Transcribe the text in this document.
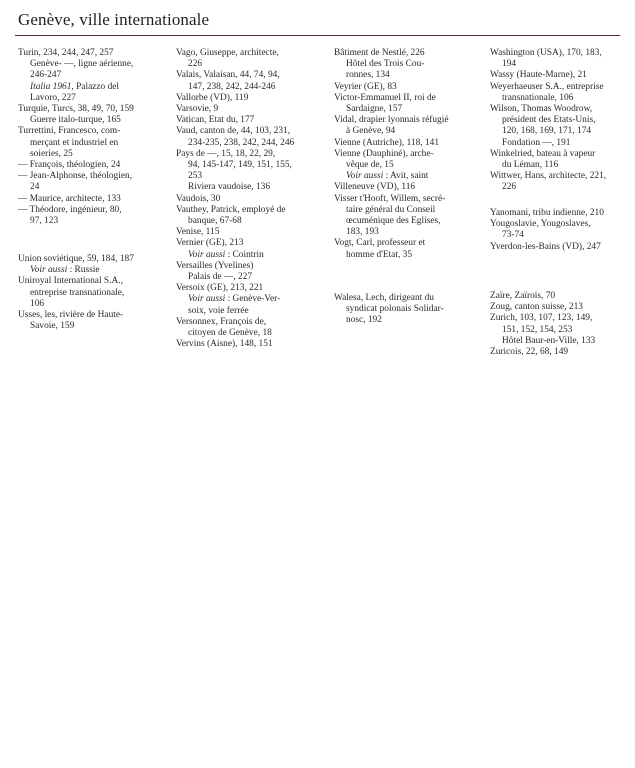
Genève, ville internationale
Turin, 234, 244, 247, 257
Genève- —, ligne aérienne,
246-247
Italia 1961, Palazzo del
Lavoro, 227
Turquie, Turcs, 38, 49, 70, 159
Guerre italo-turque, 165
Turrettini, Francesco, com-
merçant et industriel en
soieries, 25
— François, théologien, 24
— Jean-Alphonse, théologien,
24
— Maurice, architecte, 133
— Théodore, ingénieur, 80,
97, 123
Union soviétique, 59, 184, 187
Voir aussi : Russie
Uniroyal International S.A.,
entreprise transnationale,
106
Usses, les, rivière de Haute-
Savoie, 159
Vago, Giuseppe, architecte,
226
Valais, Valaisan, 44, 74, 94,
147, 238, 242, 244-246
Vallorbe (VD), 119
Varsovie, 9
Vatican, Etat du, 177
Vaud, canton de, 44, 103, 231,
234-235, 238, 242, 244, 246
Pays de —, 15, 18, 22, 29,
94, 145-147, 149, 151, 155,
253
Riviera vaudoise, 136
Vaudois, 30
Vauthey, Patrick, employé de
banque, 67-68
Venise, 115
Vernier (GE), 213
Voir aussi : Cointrin
Versailles (Yvelines)
Palais de —, 227
Versoix (GE), 213, 221
Voir aussi : Genève-Ver-
soix, voie ferrée
Versonnex, François de,
citoyen de Genève, 18
Vervins (Aisne), 148, 151
Bâtiment de Nestlé, 226
Hôtel des Trois Cou-
ronnes, 134
Veyrier (GE), 83
Victor-Emmanuel II, roi de
Sardaigne, 157
Vidal, drapier lyonnais réfugié
à Genève, 94
Vienne (Autriche), 118, 141
Vienne (Dauphiné), arche-
vêque de, 15
Voir aussi : Avit, saint
Villeneuve (VD), 116
Visser t'Hooft, Willem, secré-
taire général du Conseil
œcuménique des Eglises,
183, 193
Vogt, Carl, professeur et
homme d'Etat, 35
Walesa, Lech, dirigeant du
syndicat polonais Solidar-
nosc, 192
Washington (USA), 170, 183,
194
Wassy (Haute-Marne), 21
Weyerhaeuser S.A., entreprise
transnationale, 106
Wilson, Thomas Woodrow,
président des Etats-Unis,
120, 168, 169, 171, 174
Fondation —, 191
Winkelried, bateau à vapeur
du Léman, 116
Wittwer, Hans, architecte, 221,
226
Yanomani, tribu indienne, 210
Yougoslavie, Yougoslaves,
73-74
Yverdon-les-Bains (VD), 247
Zaïre, Zaïrois, 70
Zoug, canton suisse, 213
Zurich, 103, 107, 123, 149,
151, 152, 154, 253
Hôtel Baur-en-Ville, 133
Zuricois, 22, 68, 149
